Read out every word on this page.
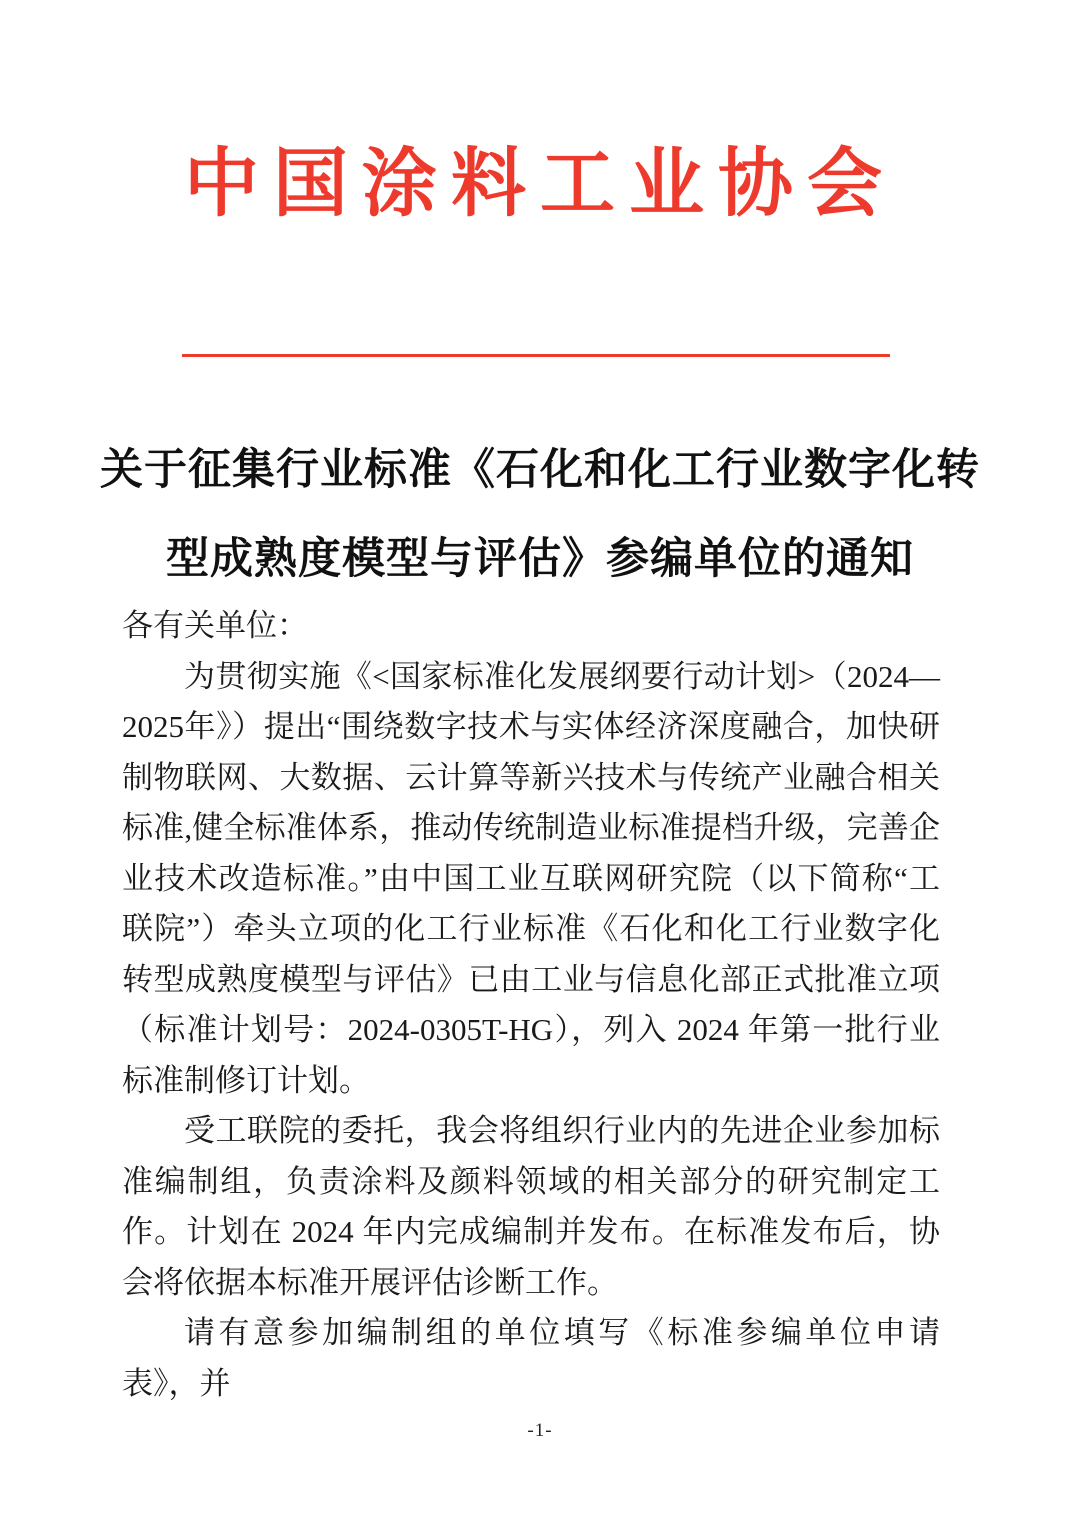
中国涂料工业协会
关于征集行业标准《石化和化工行业数字化转
型成熟度模型与评估》参编单位的通知

各有关单位：

为贯彻实施《<国家标准化发展纲要行动计划>（2024—2025年》）提出“围绕数字技术与实体经济深度融合，加快研制物联网、大数据、云计算等新兴技术与传统产业融合相关标准,健全标准体系，推动传统制造业标准提档升级，完善企业技术改造标准。”由中国工业互联网研究院（以下简称“工联院”）牵头立项的化工行业标准《石化和化工行业数字化转型成熟度模型与评估》已由工业与信息化部正式批准立项（标准计划号：2024-0305T-HG），列入 2024 年第一批行业标准制修订计划。

受工联院的委托，我会将组织行业内的先进企业参加标准编制组，负责涂料及颜料领域的相关部分的研究制定工作。计划在 2024 年内完成编制并发布。在标准发布后，协会将依据本标准开展评估诊断工作。

请有意参加编制组的单位填写《标准参编单位申请表》，并

-1-
